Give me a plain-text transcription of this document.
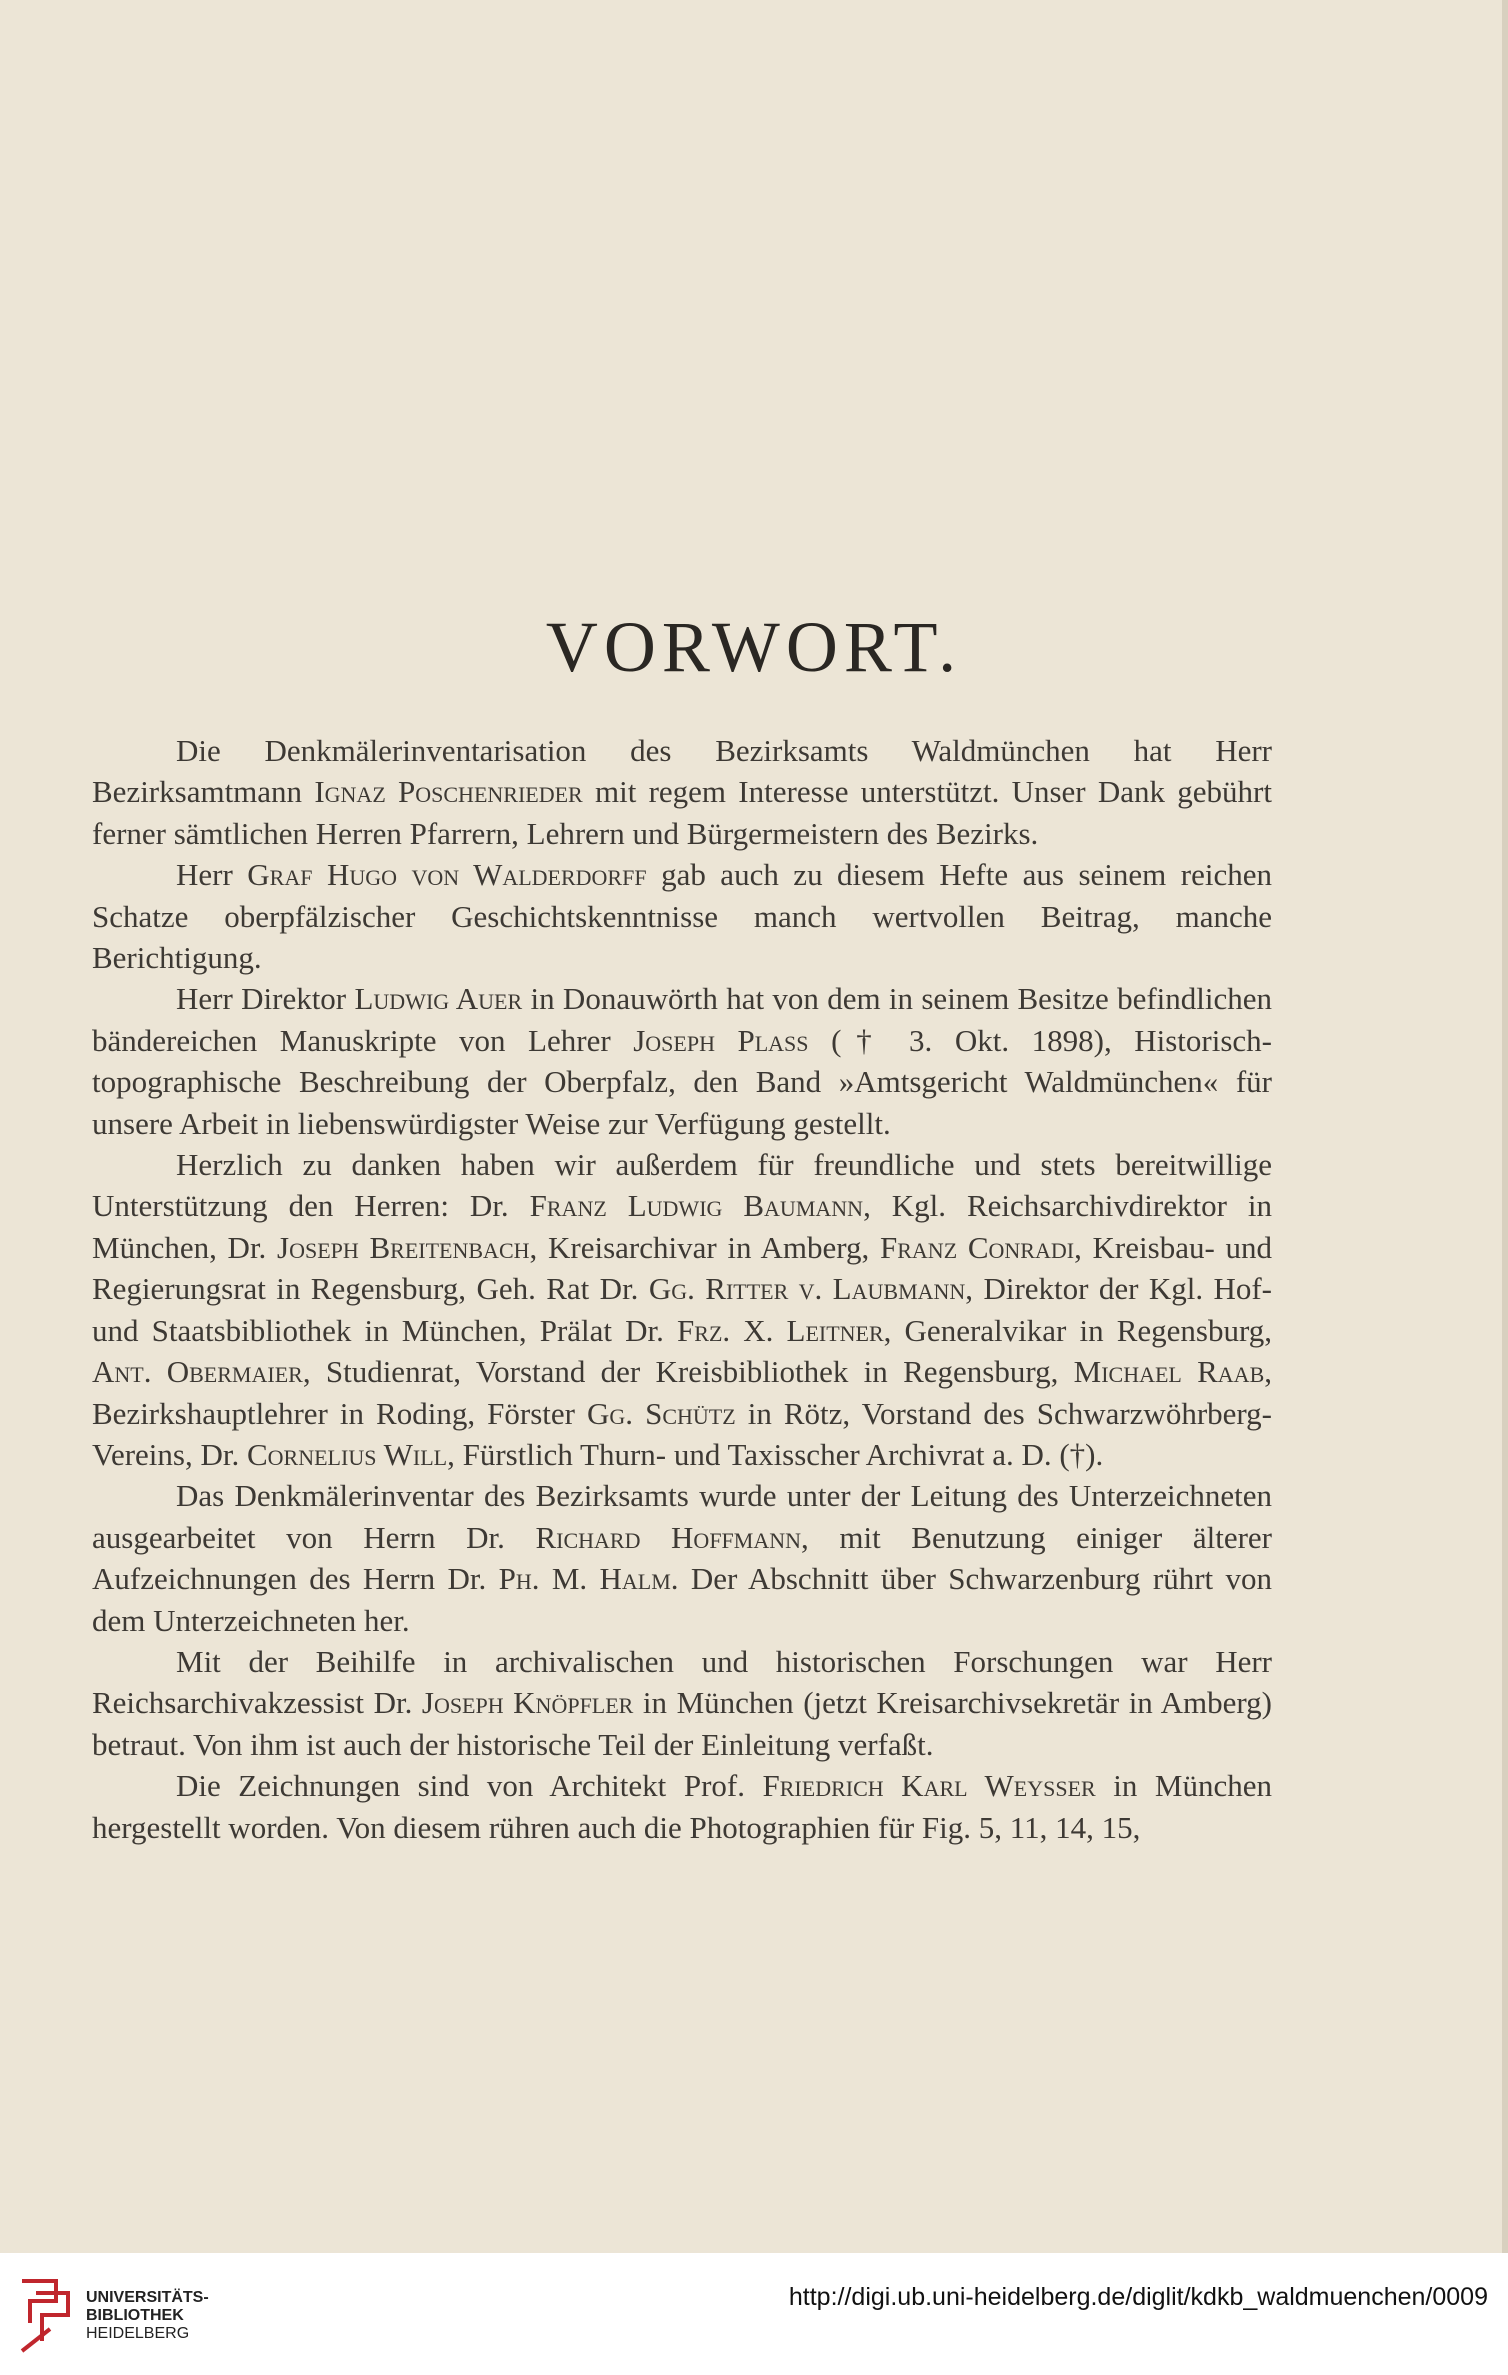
VORWORT.

Die Denkmälerinventarisation des Bezirksamts Waldmünchen hat Herr Bezirksamtmann Ignaz Poschenrieder mit regem Interesse unterstützt. Unser Dank gebührt ferner sämtlichen Herren Pfarrern, Lehrern und Bürgermeistern des Bezirks.

Herr Graf Hugo von Walderdorff gab auch zu diesem Hefte aus seinem reichen Schatze oberpfälzischer Geschichtskenntnisse manch wertvollen Beitrag, manche Berichtigung.

Herr Direktor Ludwig Auer in Donauwörth hat von dem in seinem Besitze befindlichen bändereichen Manuskripte von Lehrer Joseph Plass († 3. Okt. 1898), Historisch-topographische Beschreibung der Oberpfalz, den Band »Amtsgericht Waldmünchen« für unsere Arbeit in liebenswürdigster Weise zur Verfügung gestellt.

Herzlich zu danken haben wir außerdem für freundliche und stets bereitwillige Unterstützung den Herren: Dr. Franz Ludwig Baumann, Kgl. Reichsarchivdirektor in München, Dr. Joseph Breitenbach, Kreisarchivar in Amberg, Franz Conradi, Kreisbau- und Regierungsrat in Regensburg, Geh. Rat Dr. Gg. Ritter v. Laubmann, Direktor der Kgl. Hof- und Staatsbibliothek in München, Prälat Dr. Frz. X. Leitner, Generalvikar in Regensburg, Ant. Obermaier, Studienrat, Vorstand der Kreisbibliothek in Regensburg, Michael Raab, Bezirkshauptlehrer in Roding, Förster Gg. Schütz in Rötz, Vorstand des Schwarzwöhrberg-Vereins, Dr. Cornelius Will, Fürstlich Thurn- und Taxisscher Archivrat a. D. (†).

Das Denkmälerinventar des Bezirksamts wurde unter der Leitung des Unterzeichneten ausgearbeitet von Herrn Dr. Richard Hoffmann, mit Benutzung einiger älterer Aufzeichnungen des Herrn Dr. Ph. M. Halm. Der Abschnitt über Schwarzenburg rührt von dem Unterzeichneten her.

Mit der Beihilfe in archivalischen und historischen Forschungen war Herr Reichsarchivakzessist Dr. Joseph Knöpfler in München (jetzt Kreisarchivsekretär in Amberg) betraut. Von ihm ist auch der historische Teil der Einleitung verfaßt.

Die Zeichnungen sind von Architekt Prof. Friedrich Karl Weysser in München hergestellt worden. Von diesem rühren auch die Photographien für Fig. 5, 11, 14, 15,

UNIVERSITÄTS-
BIBLIOTHEK
HEIDELBERG
http://digi.ub.uni-heidelberg.de/diglit/kdkb_waldmuenchen/0009
